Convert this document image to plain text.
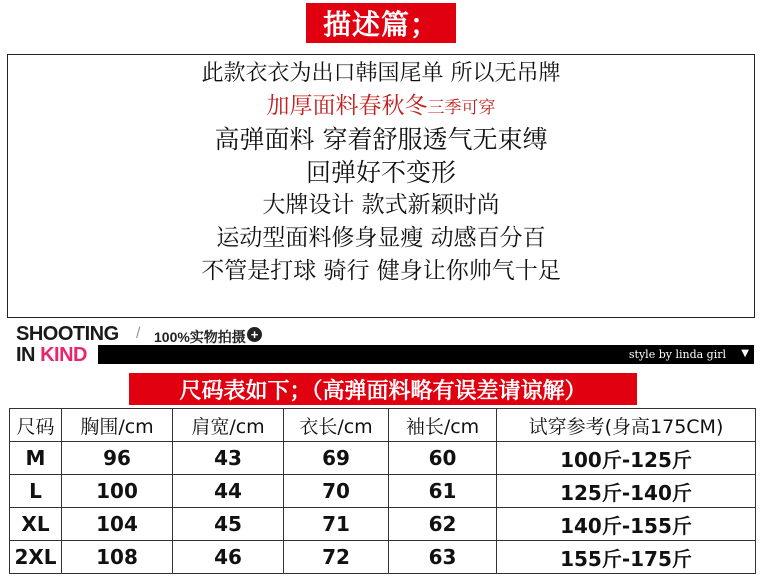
描述篇；
此款衣衣为出口韩国尾单 所以无吊牌
加厚面料春秋冬三季可穿
高弹面料 穿着舒服透气无束缚
回弹好不变形
大牌设计 款式新颖时尚
运动型面料修身显瘦 动感百分百
不管是打球 骑行 健身让你帅气十足
SHOOTING
IN KIND
/ 100%实物拍摄 +
style by linda girl ▼
尺码表如下；（高弹面料略有误差请谅解）
尺码	胸围/cm	肩宽/cm	衣长/cm	袖长/cm	试穿参考(身高175CM)
M	96	43	69	60	100斤-125斤
L	100	44	70	61	125斤-140斤
XL	104	45	71	62	140斤-155斤
2XL	108	46	72	63	155斤-175斤
